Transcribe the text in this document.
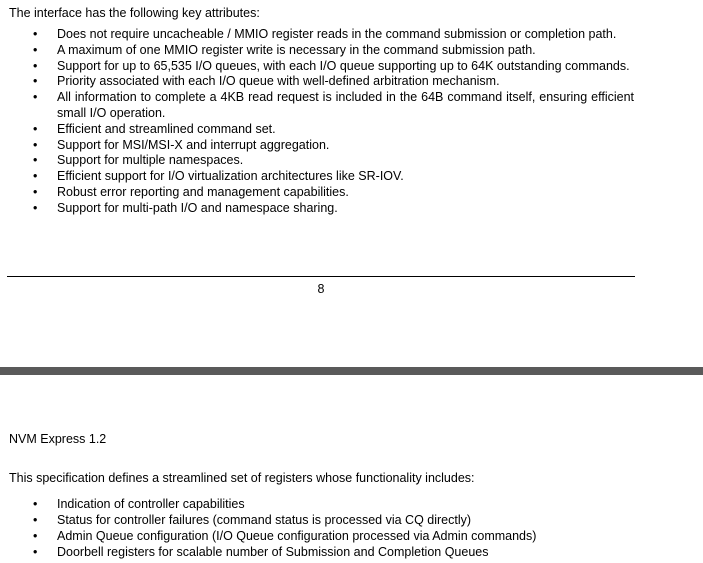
The interface has the following key attributes:
• Does not require uncacheable / MMIO register reads in the command submission or completion path.
• A maximum of one MMIO register write is necessary in the command submission path.
• Support for up to 65,535 I/O queues, with each I/O queue supporting up to 64K outstanding commands.
• Priority associated with each I/O queue with well-defined arbitration mechanism.
• All information to complete a 4KB read request is included in the 64B command itself, ensuring efficient small I/O operation.
• Efficient and streamlined command set.
• Support for MSI/MSI-X and interrupt aggregation.
• Support for multiple namespaces.
• Efficient support for I/O virtualization architectures like SR-IOV.
• Robust error reporting and management capabilities.
• Support for multi-path I/O and namespace sharing.
8
NVM Express 1.2
This specification defines a streamlined set of registers whose functionality includes:
• Indication of controller capabilities
• Status for controller failures (command status is processed via CQ directly)
• Admin Queue configuration (I/O Queue configuration processed via Admin commands)
• Doorbell registers for scalable number of Submission and Completion Queues
